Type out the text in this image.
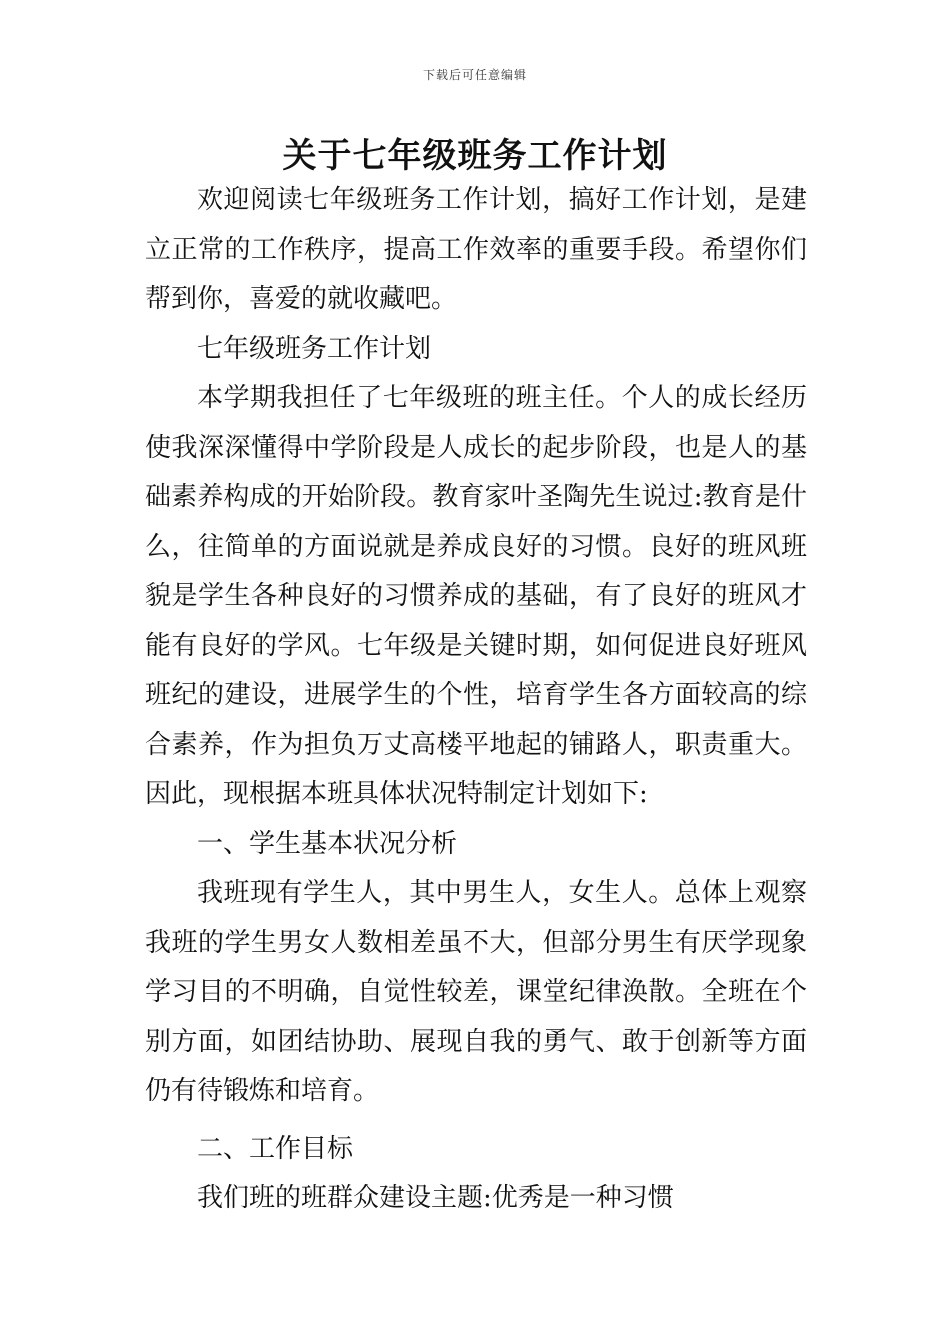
下载后可任意编辑
关于七年级班务工作计划

欢迎阅读七年级班务工作计划，搞好工作计划，是建立正常的工作秩序，提高工作效率的重要手段。希望你们帮到你，喜爱的就收藏吧。

七年级班务工作计划

本学期我担任了七年级班的班主任。个人的成长经历使我深深懂得中学阶段是人成长的起步阶段，也是人的基础素养构成的开始阶段。教育家叶圣陶先生说过:教育是什么，往简单的方面说就是养成良好的习惯。良好的班风班貌是学生各种良好的习惯养成的基础，有了良好的班风才能有良好的学风。七年级是关键时期，如何促进良好班风班纪的建设，进展学生的个性，培育学生各方面较高的综合素养，作为担负万丈高楼平地起的铺路人，职责重大。因此，现根据本班具体状况特制定计划如下:

一、学生基本状况分析

我班现有学生人，其中男生人，女生人。总体上观察我班的学生男女人数相差虽不大，但部分男生有厌学现象学习目的不明确，自觉性较差，课堂纪律涣散。全班在个别方面，如团结协助、展现自我的勇气、敢于创新等方面仍有待锻炼和培育。

二、工作目标

我们班的班群众建设主题:优秀是一种习惯
